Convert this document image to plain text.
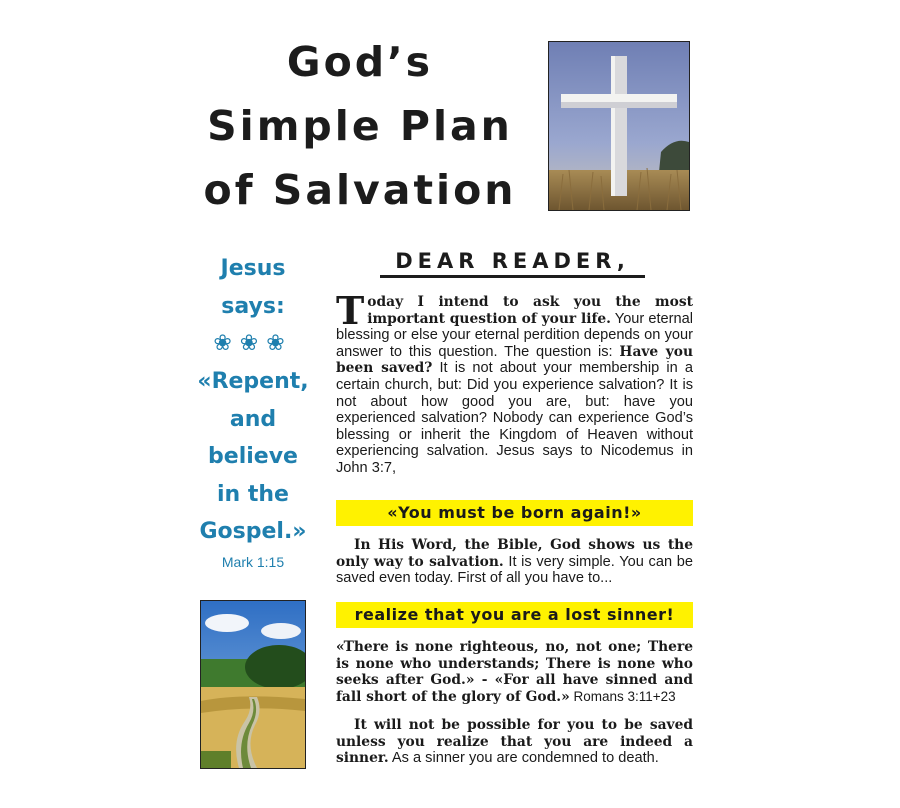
God’s
Simple Plan
of Salvation
Jesus
says:
❀❀❀
«Repent,
and
believe
in the
Gospel.»
Mark 1:15
DEAR READER,

Today I intend to ask you the most important question of your life. Your eternal blessing or else your eternal perdition depends on your answer to this question. The question is: Have you been saved? It is not about your membership in a certain church, but: Did you experience salvation? It is not about how good you are, but: have you experienced salvation? Nobody can experience God’s blessing or inherit the Kingdom of Heaven without experiencing salvation. Jesus says to Nicodemus in John 3:7,

«You must be born again!»

In His Word, the Bible, God shows us the only way to salvation. It is very simple. You can be saved even today. First of all you have to...

realize that you are a lost sinner!

«There is none righteous, no, not one; There is none who understands; There is none who seeks after God.» - «For all have sinned and fall short of the glory of God.» Romans 3:11+23

It will not be possible for you to be saved unless you realize that you are indeed a sinner. As a sinner you are condemned to death.
